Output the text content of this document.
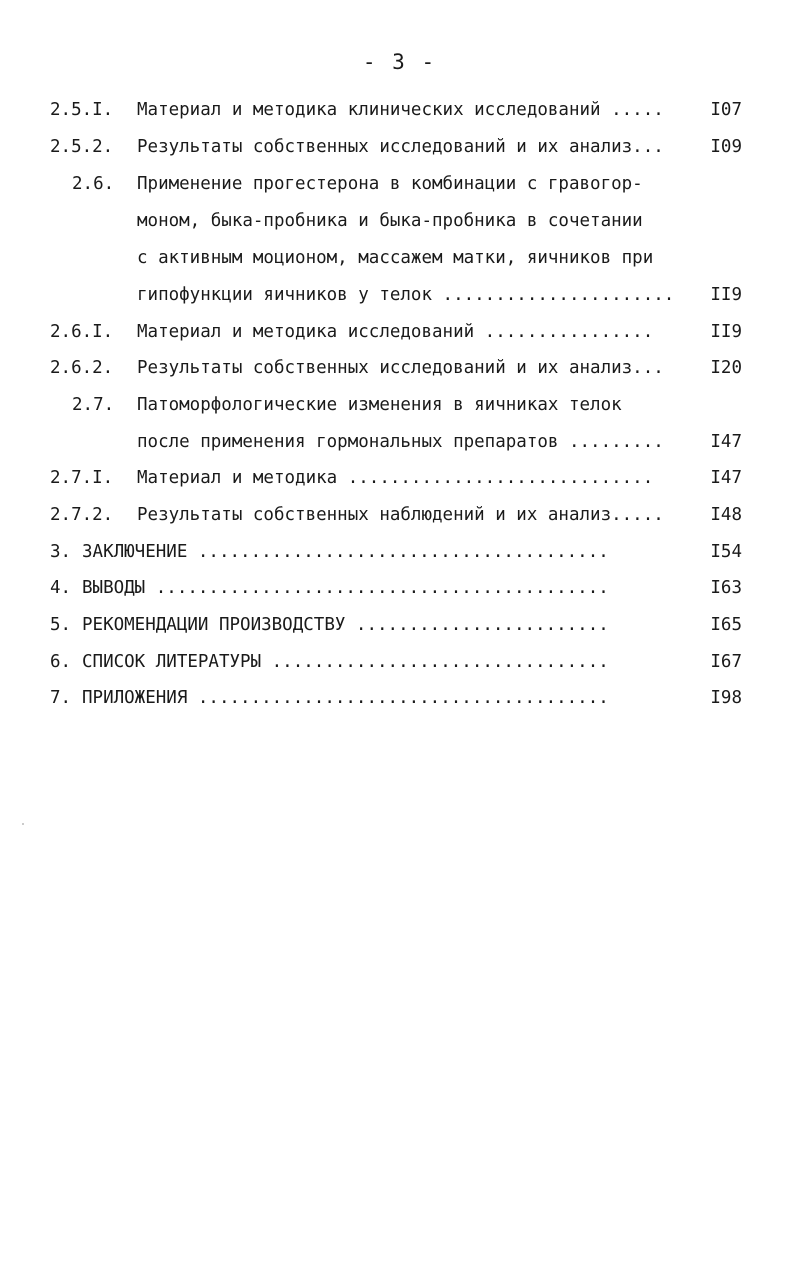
- 3 -
2.5.I. Материал и методика клинических исследований .....	I07
2.5.2. Результаты собственных исследований и их анализ...	I09
2.6. Применение прогестерона в комбинации с гравогор-
моном, быка-пробника и быка-пробника в сочетании
с активным моционом, массажем матки, яичников при
гипофункции яичников у телок ......................	II9
2.6.I. Материал и методика исследований ................	II9
2.6.2. Результаты собственных исследований и их анализ...	I20
2.7. Патоморфологические изменения в яичниках телок
после применения гормональных препаратов .........	I47
2.7.I. Материал и методика .............................	I47
2.7.2. Результаты собственных наблюдений и их анализ.....	I48
3. ЗАКЛЮЧЕНИЕ .......................................	I54
4. ВЫВОДЫ ...........................................	I63
5. РЕКОМЕНДАЦИИ ПРОИЗВОДСТВУ ........................	I65
6. СПИСОК ЛИТЕРАТУРЫ ................................	I67
7. ПРИЛОЖЕНИЯ .......................................	I98
